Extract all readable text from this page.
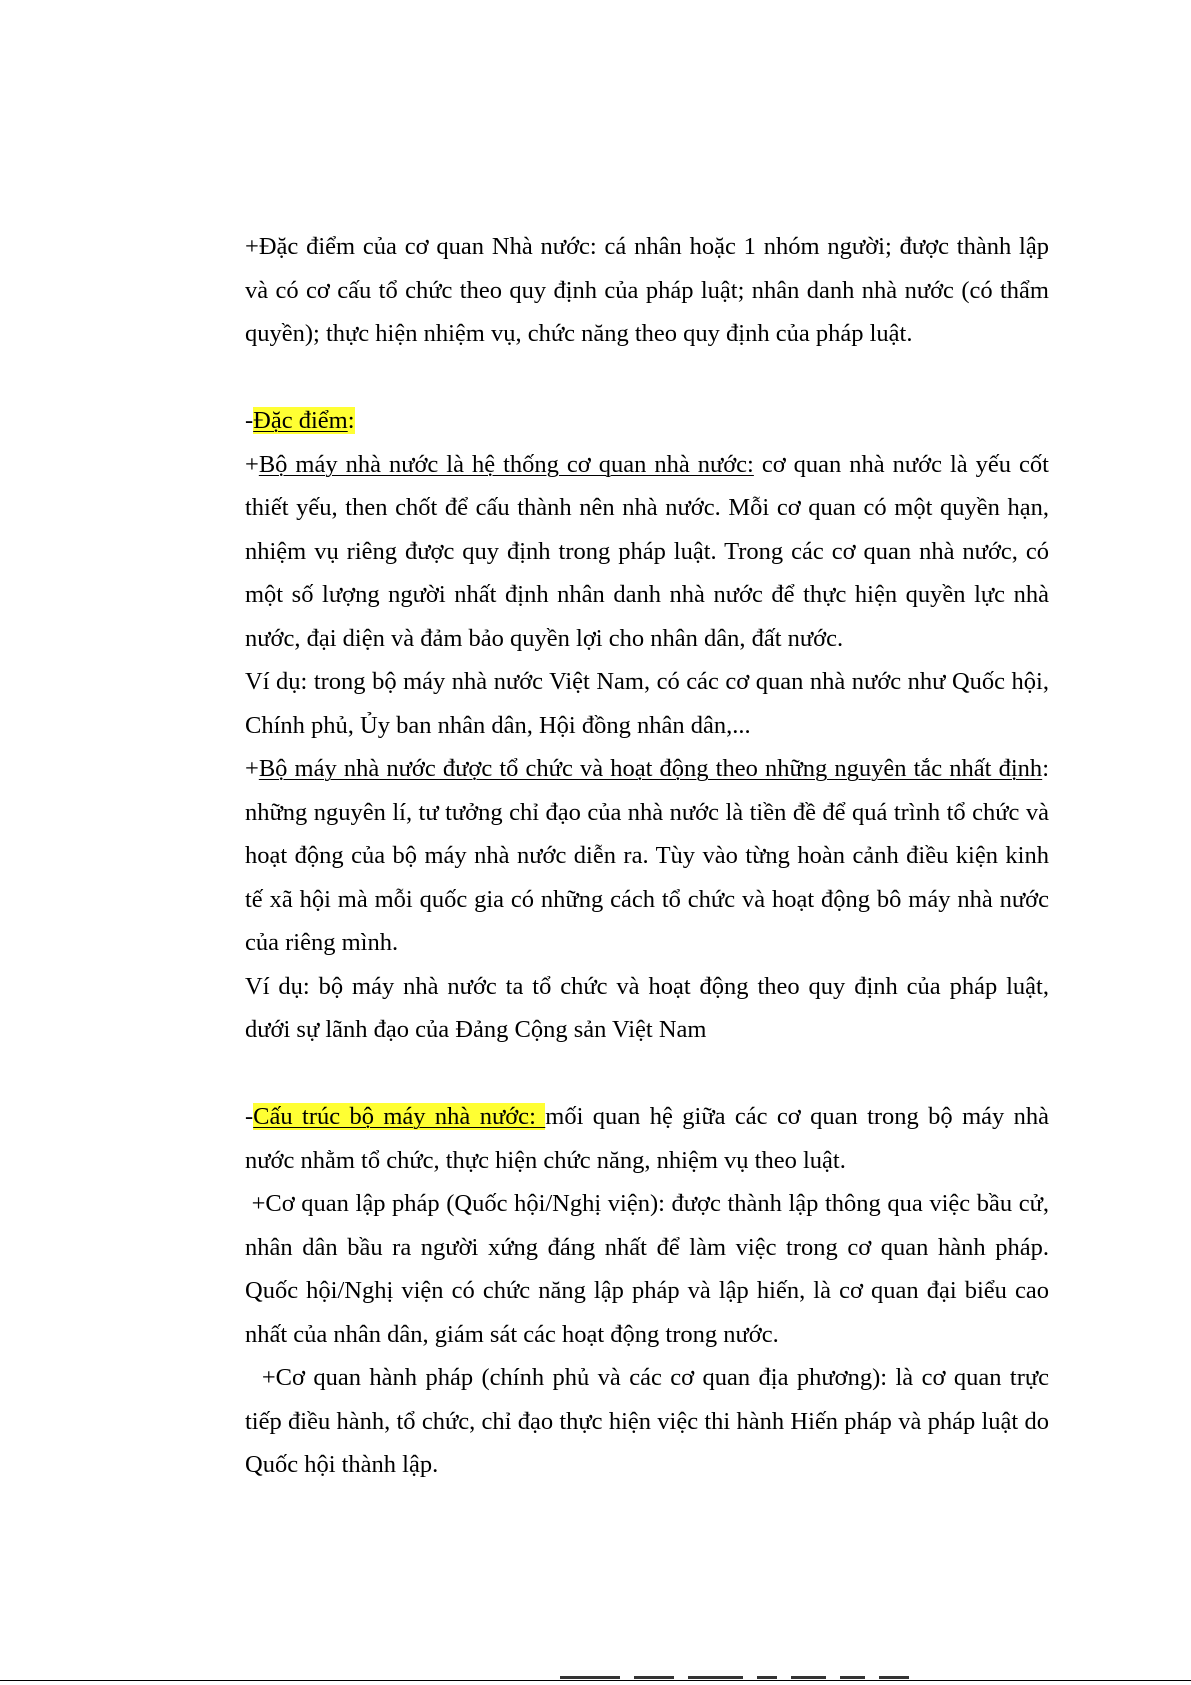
+Đặc điểm của cơ quan Nhà nước: cá nhân hoặc 1 nhóm người; được thành lập và có cơ cấu tổ chức theo quy định của pháp luật; nhân danh nhà nước (có thẩm quyền); thực hiện nhiệm vụ, chức năng theo quy định của pháp luật.

-Đặc điểm:

+Bộ máy nhà nước là hệ thống cơ quan nhà nước: cơ quan nhà nước là yếu cốt thiết yếu, then chốt để cấu thành nên nhà nước. Mỗi cơ quan có một quyền hạn, nhiệm vụ riêng được quy định trong pháp luật. Trong các cơ quan nhà nước, có một số lượng người nhất định nhân danh nhà nước để thực hiện quyền lực nhà nước, đại diện và đảm bảo quyền lợi cho nhân dân, đất nước.

Ví dụ: trong bộ máy nhà nước Việt Nam, có các cơ quan nhà nước như Quốc hội, Chính phủ, Ủy ban nhân dân, Hội đồng nhân dân,...

+Bộ máy nhà nước được tổ chức và hoạt động theo những nguyên tắc nhất định: những nguyên lí, tư tưởng chỉ đạo của nhà nước là tiền đề để quá trình tổ chức và hoạt động của bộ máy nhà nước diễn ra. Tùy vào từng hoàn cảnh điều kiện kinh tế xã hội mà mỗi quốc gia có những cách tổ chức và hoạt động bô máy nhà nước của riêng mình.

Ví dụ: bộ máy nhà nước ta tổ chức và hoạt động theo quy định của pháp luật, dưới sự lãnh đạo của Đảng Cộng sản Việt Nam

-Cấu trúc bộ máy nhà nước: mối quan hệ giữa các cơ quan trong bộ máy nhà nước nhằm tổ chức, thực hiện chức năng, nhiệm vụ theo luật.

+Cơ quan lập pháp (Quốc hội/Nghị viện): được thành lập thông qua việc bầu cử, nhân dân bầu ra người xứng đáng nhất để làm việc trong cơ quan hành pháp. Quốc hội/Nghị viện có chức năng lập pháp và lập hiến, là cơ quan đại biểu cao nhất của nhân dân, giám sát các hoạt động trong nước.

+Cơ quan hành pháp (chính phủ và các cơ quan địa phương): là cơ quan trực tiếp điều hành, tổ chức, chỉ đạo thực hiện việc thi hành Hiến pháp và pháp luật do Quốc hội thành lập.
